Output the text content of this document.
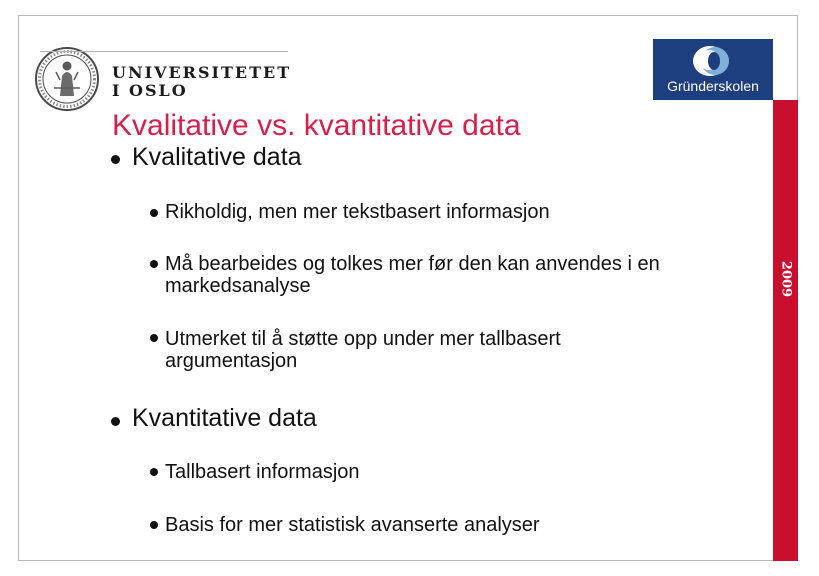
UNIVERSITETET
I OSLO	Gründerskolen
Kvalitative vs. kvantitative data
2009
Kvalitative data
Rikholdig, men mer tekstbasert informasjon
Må bearbeides og tolkes mer før den kan anvendes i en markedsanalyse
Utmerket til å støtte opp under mer tallbasert argumentasjon
Kvantitative data
Tallbasert informasjon
Basis for mer statistisk avanserte analyser
